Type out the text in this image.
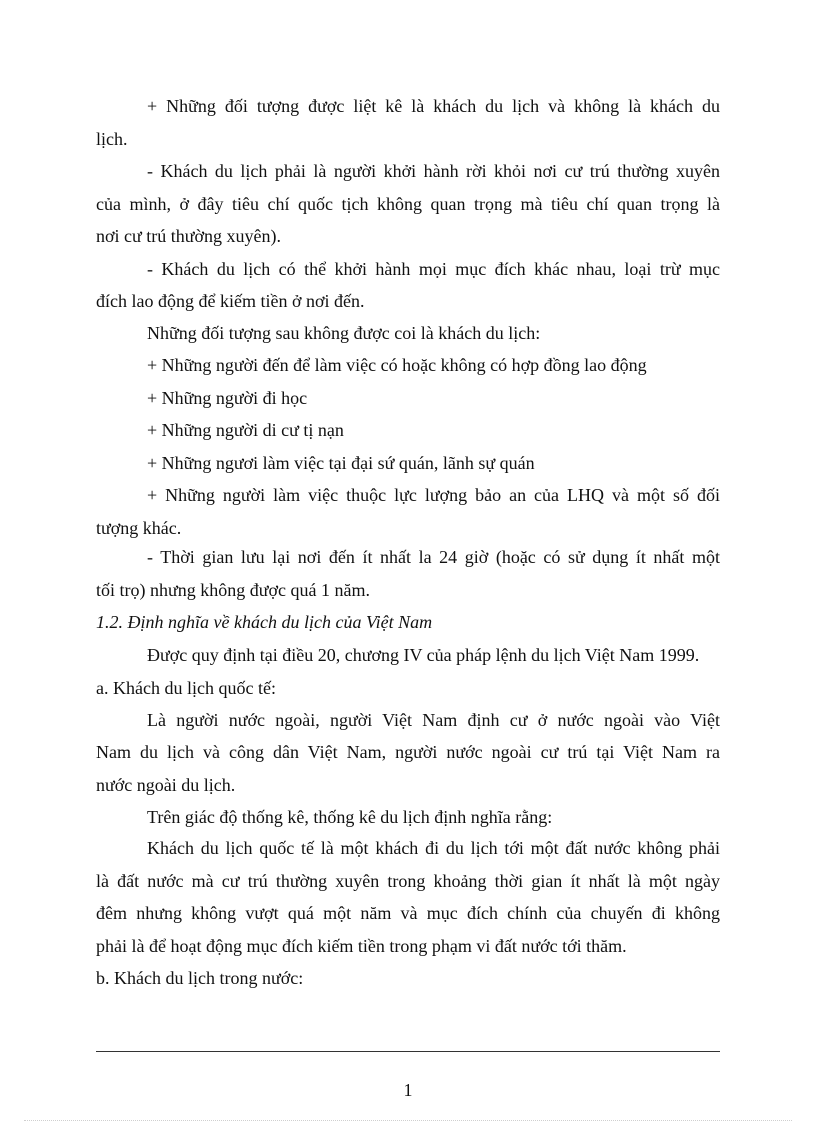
+ Những đối tượng được liệt kê là khách du lịch và không là khách du
lịch.
- Khách du lịch phải là người khởi hành rời khỏi nơi cư trú thường xuyên
của mình, ở đây tiêu chí quốc tịch không quan trọng mà tiêu chí quan trọng là
nơi cư trú thường xuyên).
- Khách du lịch có thể khởi hành mọi mục đích khác nhau, loại trừ mục
đích lao động để kiếm tiền ở nơi đến.
Những đối tượng sau không được coi là khách du lịch:
+ Những người đến để làm việc có hoặc không có hợp đồng lao động
+ Những người đi học
+ Những người di cư tị nạn
+ Những ngươi làm việc tại đại sứ quán, lãnh sự quán
+ Những người làm việc thuộc lực lượng bảo an của LHQ và một số đối
tượng khác.
- Thời gian lưu lại nơi đến ít nhất la 24 giờ (hoặc có sử dụng ít nhất một
tối trọ) nhưng không được quá 1 năm.
1.2. Định nghĩa về khách du lịch của Việt Nam
Được quy định tại điều 20, chương IV của pháp lệnh du lịch Việt Nam 1999.
a. Khách du lịch quốc tế:
Là người nước ngoài, người Việt Nam định cư ở nước ngoài vào Việt
Nam du lịch và công dân Việt Nam, người nước ngoài cư trú tại Việt Nam ra
nước ngoài du lịch.
Trên giác độ thống kê, thống kê du lịch định nghĩa rằng:
Khách du lịch quốc tế là một khách đi du lịch tới một đất nước không phải
là đất nước mà cư trú thường xuyên trong khoảng thời gian ít nhất là một ngày
đêm nhưng không vượt quá một năm và mục đích chính của chuyến đi không
phải là để hoạt động mục đích kiếm tiền trong phạm vi đất nước tới thăm.
b. Khách du lịch trong nước:
1
